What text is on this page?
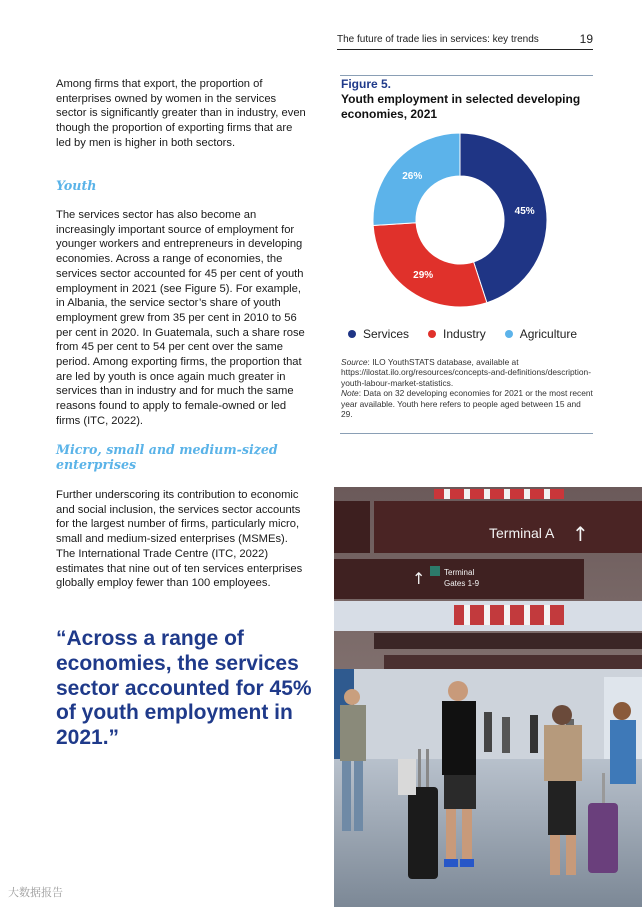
The future of trade lies in services: key trends	19

Among firms that export, the proportion of enterprises owned by women in the services sector is significantly greater than in industry, even though the proportion of exporting firms that are led by men is higher in both sectors.

Youth

The services sector has also become an increasingly important source of employment for younger workers and entrepreneurs in developing economies. Across a range of economies, the services sector accounted for 45 per cent of youth employment in 2021 (see Figure 5). For example, in Albania, the service sector’s share of youth employment grew from 35 per cent in 2010 to 56 per cent in 2020. In Guatemala, such a share rose from 45 per cent to 54 per cent over the same period. Among exporting firms, the proportion that are led by youth is once again much greater in services than in industry and for much the same reasons found to apply to female-owned or led firms (ITC, 2022).

Micro, small and medium-sized enterprises

Further underscoring its contribution to economic and social inclusion, the services sector accounts for the largest number of firms, particularly micro, small and medium-sized enterprises (MSMEs). The International Trade Centre (ITC, 2022) estimates that nine out of ten services enterprises globally employ fewer than 100 employees.

“Across a range of economies, the services sector accounted for 45% of youth employment in 2021.”

Figure 5.
Youth employment in selected developing economies, 2021
45%
29%
26%
Services	Industry	Agriculture
Source: ILO YouthSTATS database, available at https://ilostat.ilo.org/resources/concepts-and-definitions/description-youth-labour-market-statistics.
Note: Data on 32 developing economies for 2021 or the most recent year available. Youth here refers to people aged between 15 and 29.
Terminal A ↑
↑ Terminal
Gates 1-9
大数据报告
